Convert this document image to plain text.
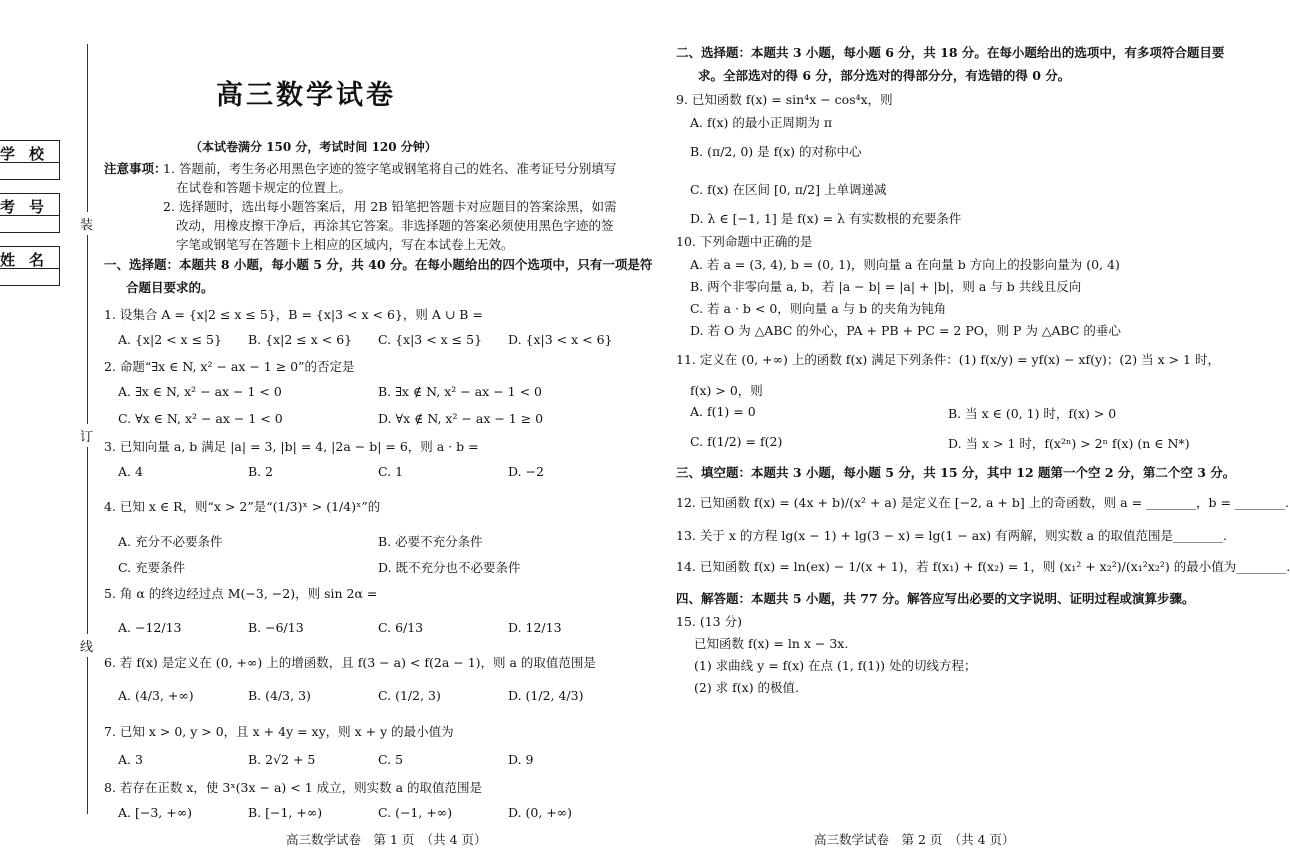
学校
考号
姓名
装
订
线
高三数学试卷
（本试卷满分 150 分，考试时间 120 分钟）
注意事项：
1. 答题前，考生务必用黑色字迹的签字笔或钢笔将自己的姓名、准考证号分别填写
在试卷和答题卡规定的位置上。
2. 选择题时，选出每小题答案后，用 2B 铅笔把答题卡对应题目的答案涂黑，如需
改动，用橡皮擦干净后，再涂其它答案。非选择题的答案必须使用黑色字迹的签
字笔或钢笔写在答题卡上相应的区域内，写在本试卷上无效。
一、选择题：本题共 8 小题，每小题 5 分，共 40 分。在每小题给出的四个选项中，只有一项是符
合题目要求的。
1. 设集合 A = {x|2 ≤ x ≤ 5}，B = {x|3 < x < 6}，则 A ∪ B =
A. {x|2 < x ≤ 5} B. {x|2 ≤ x < 6} C. {x|3 < x ≤ 5} D. {x|3 < x < 6}
2. 命题“∃x ∈ N, x² − ax − 1 ≥ 0”的否定是
A. ∃x ∈ N, x² − ax − 1 < 0	B. ∃x ∉ N, x² − ax − 1 < 0
C. ∀x ∈ N, x² − ax − 1 < 0	D. ∀x ∉ N, x² − ax − 1 ≥ 0
3. 已知向量 a, b 满足 |a| = 3, |b| = 4, |2a − b| = 6，则 a · b =
A. 4	B. 2	C. 1	D. −2
4. 已知 x ∈ R，则“x > 2”是“(1/3)ˣ > (1/4)ˣ”的
A. 充分不必要条件	B. 必要不充分条件
C. 充要条件	D. 既不充分也不必要条件
5. 角 α 的终边经过点 M(−3, −2)，则 sin 2α =
A. −12/13	B. −6/13	C. 6/13	D. 12/13
6. 若 f(x) 是定义在 (0, +∞) 上的增函数，且 f(3 − a) < f(2a − 1)，则 a 的取值范围是
A. (4/3, +∞)	B. (4/3, 3)	C. (1/2, 3)	D. (1/2, 4/3)
7. 已知 x > 0, y > 0，且 x + 4y = xy，则 x + y 的最小值为
A. 3	B. 2√2 + 5	C. 5	D. 9
8. 若存在正数 x，使 3ˣ(3x − a) < 1 成立，则实数 a 的取值范围是
A. [−3, +∞)	B. [−1, +∞)	C. (−1, +∞)	D. (0, +∞)
高三数学试卷　第 1 页　（共 4 页）
二、选择题：本题共 3 小题，每小题 6 分，共 18 分。在每小题给出的选项中，有多项符合题目要
求。全部选对的得 6 分，部分选对的得部分分，有选错的得 0 分。
9. 已知函数 f(x) = sin⁴x − cos⁴x，则
A. f(x) 的最小正周期为 π
B. (π/2, 0) 是 f(x) 的对称中心
C. f(x) 在区间 [0, π/2] 上单调递减
D. λ ∈ [−1, 1] 是 f(x) = λ 有实数根的充要条件
10. 下列命题中正确的是
A. 若 a = (3, 4), b = (0, 1)，则向量 a 在向量 b 方向上的投影向量为 (0, 4)
B. 两个非零向量 a, b，若 |a − b| = |a| + |b|，则 a 与 b 共线且反向
C. 若 a · b < 0，则向量 a 与 b 的夹角为钝角
D. 若 O 为 △ABC 的外心，PA + PB + PC = 2 PO，则 P 为 △ABC 的垂心
11. 定义在 (0, +∞) 上的函数 f(x) 满足下列条件：(1) f(x/y) = yf(x) − xf(y)；(2) 当 x > 1 时，
f(x) > 0，则
A. f(1) = 0	B. 当 x ∈ (0, 1) 时，f(x) > 0
C. f(1/2) = f(2)	D. 当 x > 1 时，f(x²ⁿ) > 2ⁿ f(x) (n ∈ N*)
三、填空题：本题共 3 小题，每小题 5 分，共 15 分，其中 12 题第一个空 2 分，第二个空 3 分。
12. 已知函数 f(x) = (4x + b)/(x² + a) 是定义在 [−2, a + b] 上的奇函数，则 a = ________，b = ________.
13. 关于 x 的方程 lg(x − 1) + lg(3 − x) = lg(1 − ax) 有两解，则实数 a 的取值范围是________.
14. 已知函数 f(x) = ln(ex) − 1/(x + 1)，若 f(x₁) + f(x₂) = 1，则 (x₁² + x₂²)/(x₁²x₂²) 的最小值为________.
四、解答题：本题共 5 小题，共 77 分。解答应写出必要的文字说明、证明过程或演算步骤。
15. (13 分)
已知函数 f(x) = ln x − 3x.
(1) 求曲线 y = f(x) 在点 (1, f(1)) 处的切线方程；
(2) 求 f(x) 的极值.
高三数学试卷　第 2 页　（共 4 页）
